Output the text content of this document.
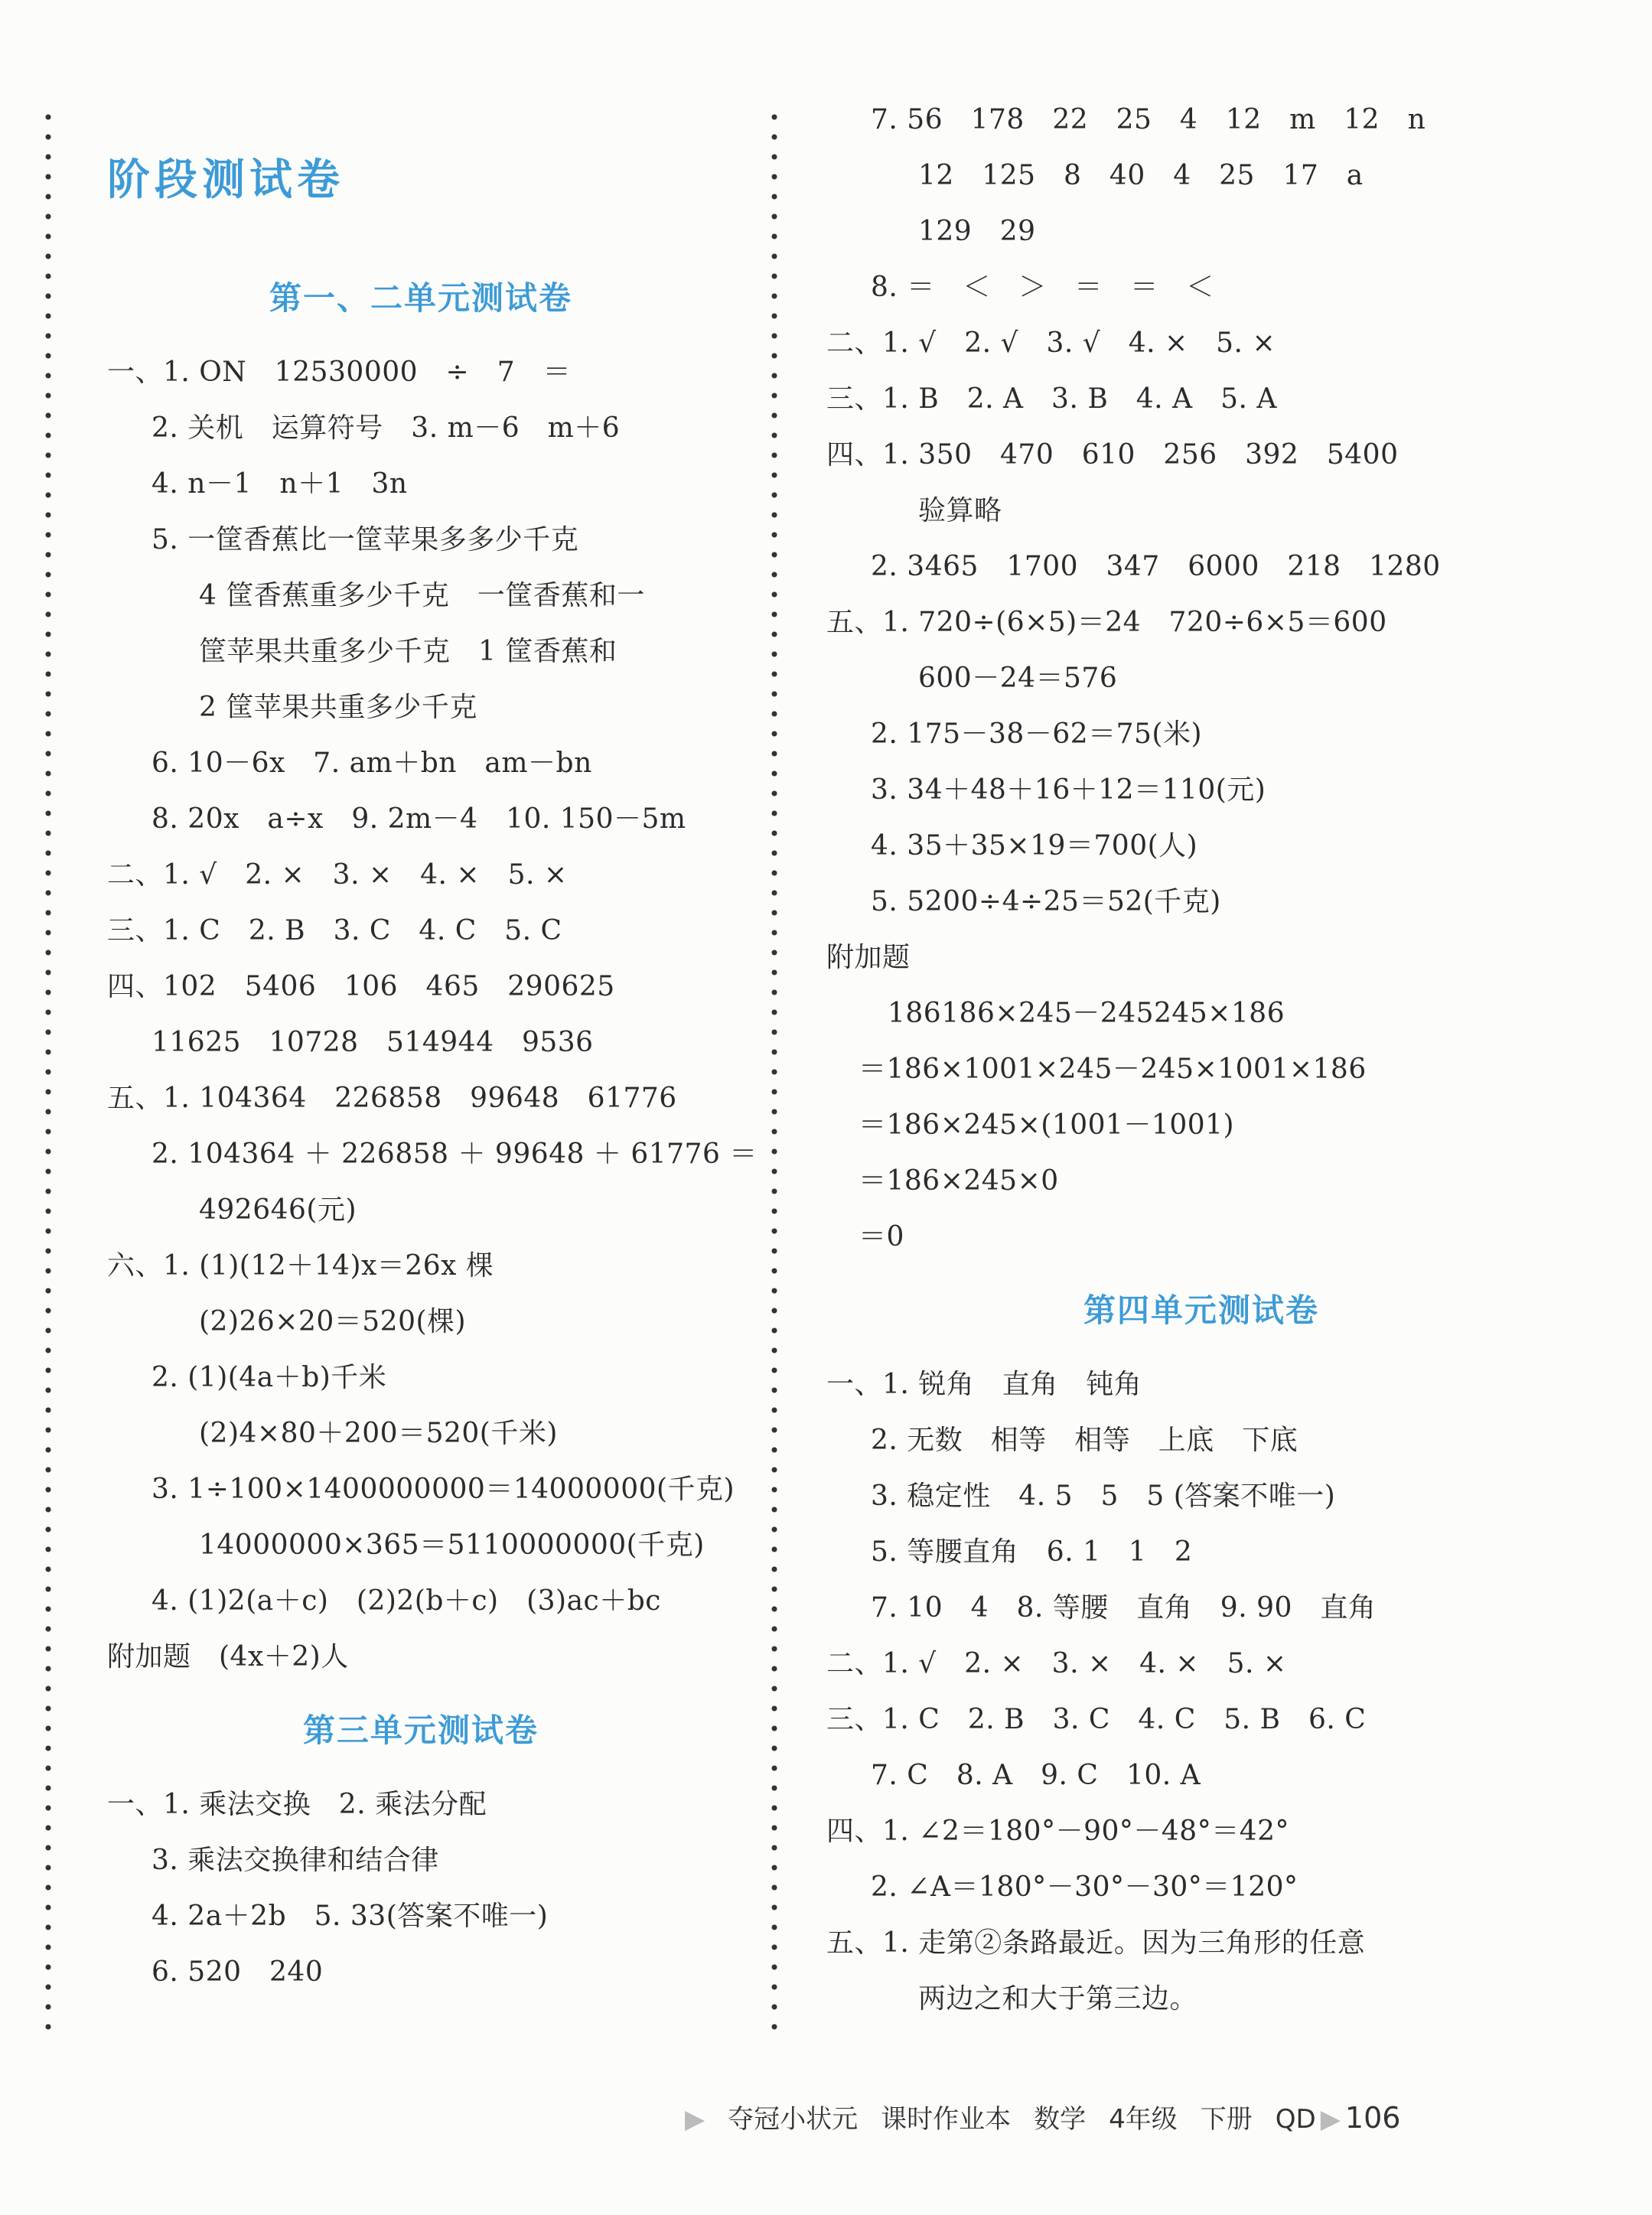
阶段测试卷
第一、二单元测试卷
一、1. ON　12530000　÷　7　＝
2. 关机　运算符号　3. m－6　m＋6
4. n－1　n＋1　3n
5. 一筐香蕉比一筐苹果多多少千克
4 筐香蕉重多少千克　一筐香蕉和一
筐苹果共重多少千克　1 筐香蕉和
2 筐苹果共重多少千克
6. 10－6x　7. am＋bn　am－bn
8. 20x　a÷x　9. 2m－4　10. 150－5m
二、1. √　2. ×　3. ×　4. ×　5. ×
三、1. C　2. B　3. C　4. C　5. C
四、102　5406　106　465　290625
11625　10728　514944　9536
五、1. 104364　226858　99648　61776
2. 104364 ＋ 226858 ＋ 99648 ＋ 61776 ＝
492646(元)
六、1. (1)(12＋14)x＝26x 棵
(2)26×20＝520(棵)
2. (1)(4a＋b)千米
(2)4×80＋200＝520(千米)
3. 1÷100×1400000000＝14000000(千克)
14000000×365＝5110000000(千克)
4. (1)2(a＋c)　(2)2(b＋c)　(3)ac＋bc
附加题　(4x＋2)人
第三单元测试卷
一、1. 乘法交换　2. 乘法分配
3. 乘法交换律和结合律
4. 2a＋2b　5. 33(答案不唯一)
6. 520　240
7. 56　178　22　25　4　12　m　12　n
12　125　8　40　4　25　17　a
129　29
8. ＝　＜　＞　＝　＝　＜
二、1. √　2. √　3. √　4. ×　5. ×
三、1. B　2. A　3. B　4. A　5. A
四、1. 350　470　610　256　392　5400
验算略
2. 3465　1700　347　6000　218　1280
五、1. 720÷(6×5)＝24　720÷6×5＝600
600－24＝576
2. 175－38－62＝75(米)
3. 34＋48＋16＋12＝110(元)
4. 35＋35×19＝700(人)
5. 5200÷4÷25＝52(千克)
附加题
186186×245－245245×186
＝186×1001×245－245×1001×186
＝186×245×(1001－1001)
＝186×245×0
＝0
第四单元测试卷
一、1. 锐角　直角　钝角
2. 无数　相等　相等　上底　下底
3. 稳定性　4. 5　5　5 (答案不唯一)
5. 等腰直角　6. 1　1　2
7. 10　4　8. 等腰　直角　9. 90　直角
二、1. √　2. ×　3. ×　4. ×　5. ×
三、1. C　2. B　3. C　4. C　5. B　6. C
7. C　8. A　9. C　10. A
四、1. ∠2＝180°－90°－48°＝42°
2. ∠A＝180°－30°－30°＝120°
五、1. 走第②条路最近。因为三角形的任意
两边之和大于第三边。
▶ 夺冠小状元 课时作业本 数学 4年级 下册 QD ▶ 106
